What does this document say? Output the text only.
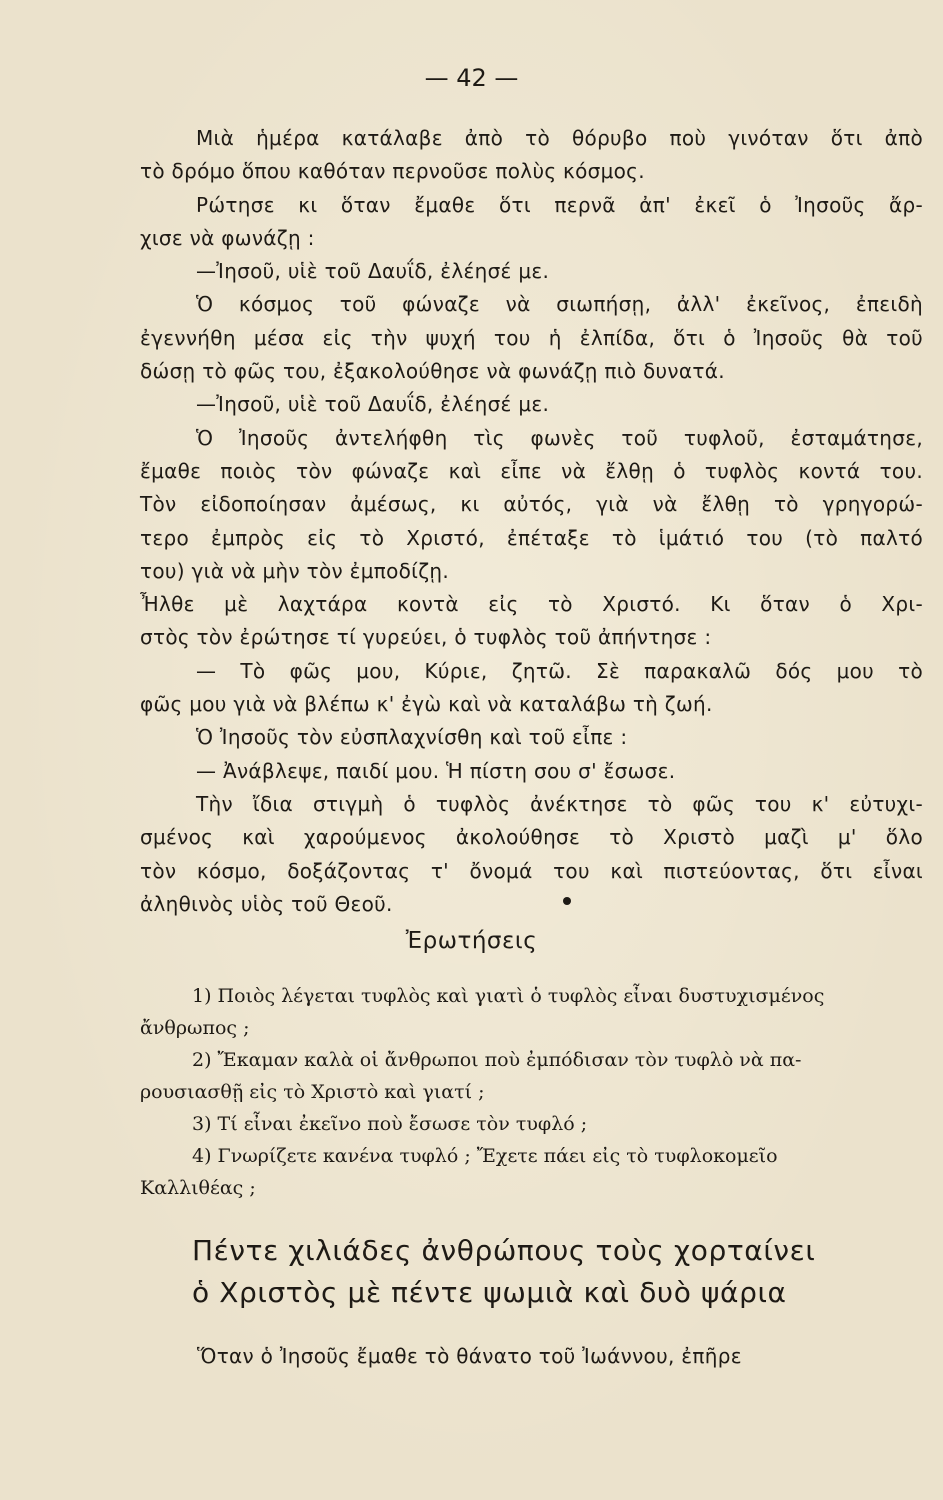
— 42 —
Μιὰ ἡμέρα κατάλαβε ἀπὸ τὸ θόρυβο ποὺ γινόταν ὅτι ἀπὸ
τὸ δρόμο ὅπου καθόταν περνοῦσε πολὺς κόσμος.
Ρώτησε κι ὅταν ἔμαθε ὅτι περνᾶ ἀπ' ἐκεῖ ὁ Ἰησοῦς ἄρ-
χισε νὰ φωνάζῃ :
—Ἰησοῦ, υἱὲ τοῦ Δαυΐδ, ἐλέησέ με.
Ὁ κόσμος τοῦ φώναζε νὰ σιωπήσῃ, ἀλλ' ἐκεῖνος, ἐπειδὴ
ἐγεννήθη μέσα εἰς τὴν ψυχή του ἡ ἐλπίδα, ὅτι ὁ Ἰησοῦς θὰ τοῦ
δώσῃ τὸ φῶς του, ἐξακολούθησε νὰ φωνάζῃ πιὸ δυνατά.
—Ἰησοῦ, υἱὲ τοῦ Δαυΐδ, ἐλέησέ με.
Ὁ Ἰησοῦς ἀντελήφθη τὶς φωνὲς τοῦ τυφλοῦ, ἐσταμάτησε,
ἔμαθε ποιὸς τὸν φώναζε καὶ εἶπε νὰ ἔλθῃ ὁ τυφλὸς κοντά του.
Τὸν εἰδοποίησαν ἀμέσως, κι αὐτός, γιὰ νὰ ἔλθῃ τὸ γρηγορώ-
τερο ἐμπρὸς εἰς τὸ Χριστό, ἐπέταξε τὸ ἱμάτιό του (τὸ παλτό
του) γιὰ νὰ μὴν τὸν ἐμποδίζῃ.
Ἦλθε μὲ λαχτάρα κοντὰ εἰς τὸ Χριστό. Κι ὅταν ὁ Χρι-
στὸς τὸν ἐρώτησε τί γυρεύει, ὁ τυφλὸς τοῦ ἀπήντησε :
— Τὸ φῶς μου, Κύριε, ζητῶ. Σὲ παρακαλῶ δός μου τὸ
φῶς μου γιὰ νὰ βλέπω κ' ἐγὼ καὶ νὰ καταλάβω τὴ ζωή.
Ὁ Ἰησοῦς τὸν εὐσπλαχνίσθη καὶ τοῦ εἶπε :
— Ἀνάβλεψε, παιδί μου. Ἡ πίστη σου σ' ἔσωσε.
Τὴν ἴδια στιγμὴ ὁ τυφλὸς ἀνέκτησε τὸ φῶς του κ' εὐτυχι-
σμένος καὶ χαρούμενος ἀκολούθησε τὸ Χριστὸ μαζὶ μ' ὅλο
τὸν κόσμο, δοξάζοντας τ' ὄνομά του καὶ πιστεύοντας, ὅτι εἶναι
ἀληθινὸς υἱὸς τοῦ Θεοῦ.
Ἐρωτήσεις
1) Ποιὸς λέγεται τυφλὸς καὶ γιατὶ ὁ τυφλὸς εἶναι δυστυχισμένος
ἄνθρωπος ;
2) Ἔκαμαν καλὰ οἱ ἄνθρωποι ποὺ ἐμπόδισαν τὸν τυφλὸ νὰ πα-
ρουσιασθῇ εἰς τὸ Χριστὸ καὶ γιατί ;
3) Τί εἶναι ἐκεῖνο ποὺ ἔσωσε τὸν τυφλό ;
4) Γνωρίζετε κανένα τυφλό ; Ἔχετε πάει εἰς τὸ τυφλοκομεῖο
Καλλιθέας ;
Πέντε χιλιάδες ἀνθρώπους τοὺς χορταίνει
ὁ Χριστὸς μὲ πέντε ψωμιὰ καὶ δυὸ ψάρια
Ὅταν ὁ Ἰησοῦς ἔμαθε τὸ θάνατο τοῦ Ἰωάννου, ἐπῆρε
